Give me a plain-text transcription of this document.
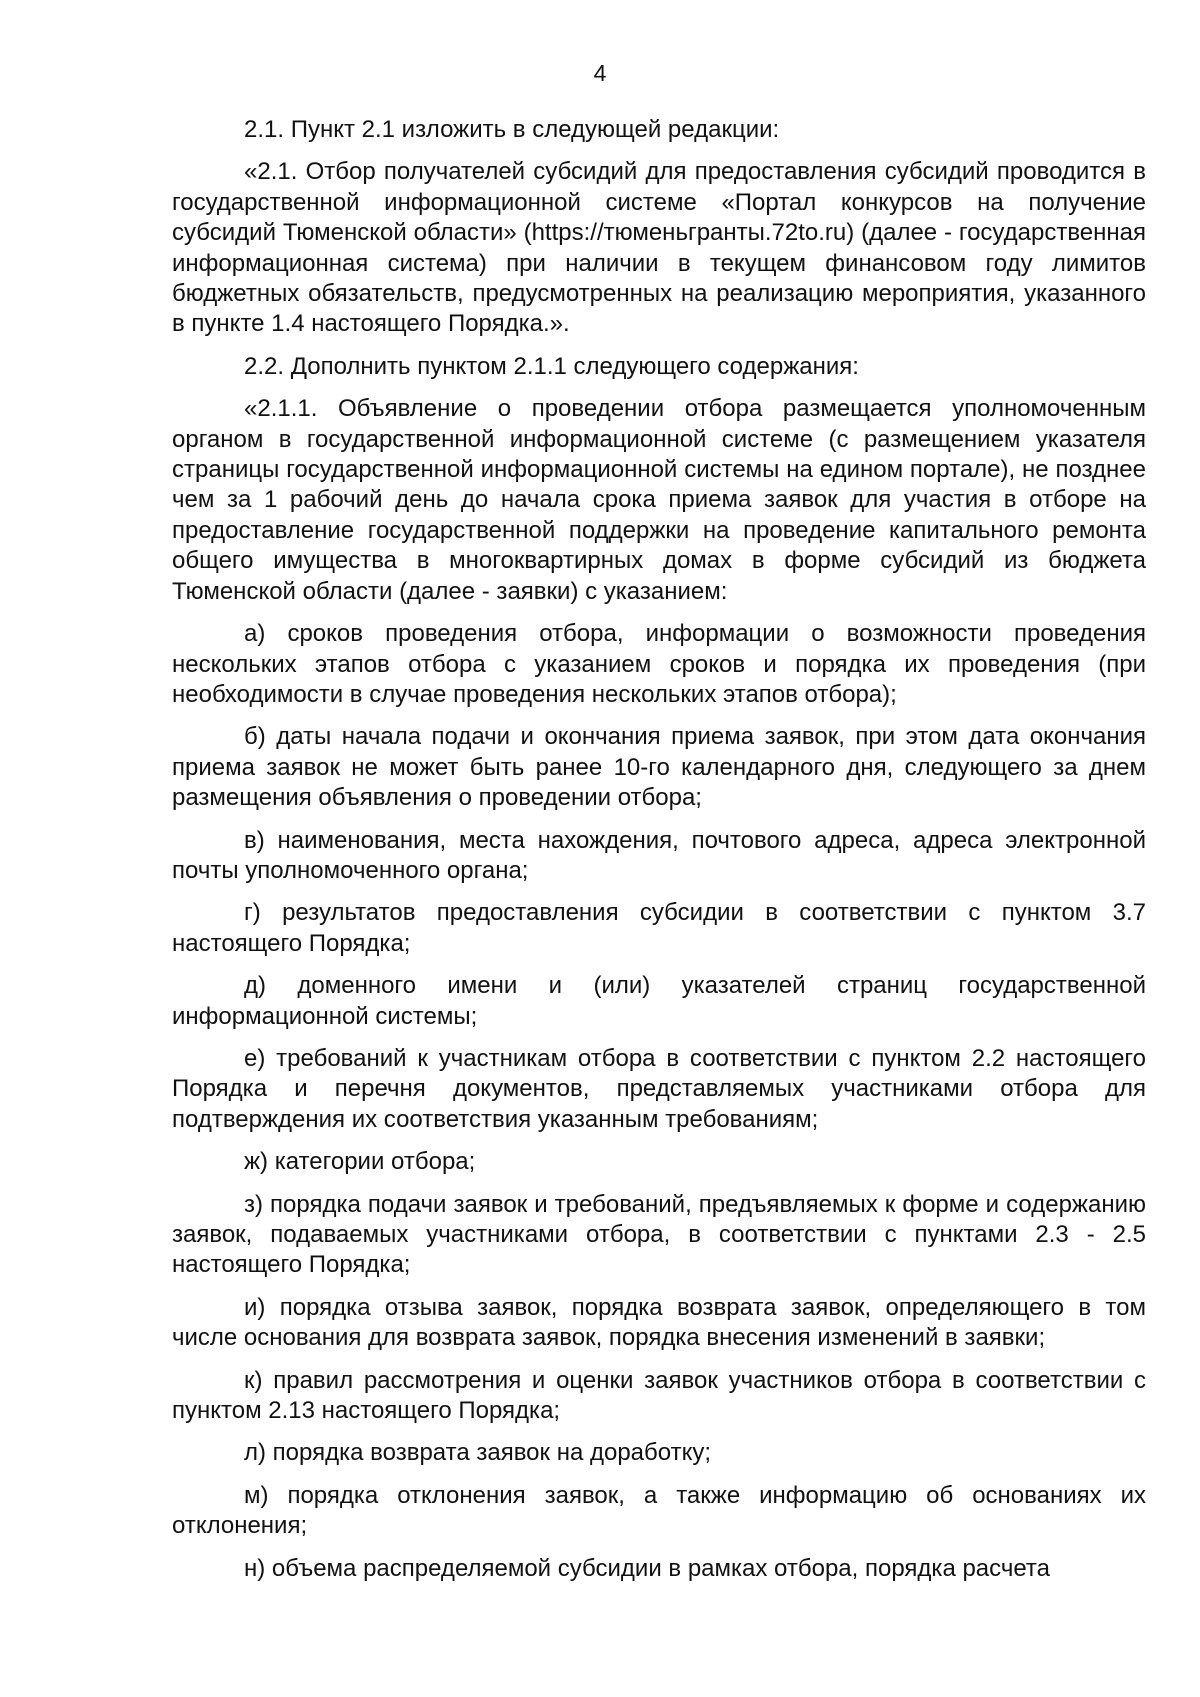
4

2.1. Пункт 2.1 изложить в следующей редакции:

«2.1. Отбор получателей субсидий для предоставления субсидий проводится в государственной информационной системе «Портал конкурсов на получение субсидий Тюменской области» (https://тюменьгранты.72to.ru) (далее - государственная информационная система) при наличии в текущем финансовом году лимитов бюджетных обязательств, предусмотренных на реализацию мероприятия, указанного в пункте 1.4 настоящего Порядка.».

2.2. Дополнить пунктом 2.1.1 следующего содержания:

«2.1.1. Объявление о проведении отбора размещается уполномоченным органом в государственной информационной системе (с размещением указателя страницы государственной информационной системы на едином портале), не позднее чем за 1 рабочий день до начала срока приема заявок для участия в отборе на предоставление государственной поддержки на проведение капитального ремонта общего имущества в многоквартирных домах в форме субсидий из бюджета Тюменской области (далее - заявки) с указанием:

а) сроков проведения отбора, информации о возможности проведения нескольких этапов отбора с указанием сроков и порядка их проведения (при необходимости в случае проведения нескольких этапов отбора);

б) даты начала подачи и окончания приема заявок, при этом дата окончания приема заявок не может быть ранее 10-го календарного дня, следующего за днем размещения объявления о проведении отбора;

в) наименования, места нахождения, почтового адреса, адреса электронной почты уполномоченного органа;

г) результатов предоставления субсидии в соответствии с пунктом 3.7 настоящего Порядка;

д) доменного имени и (или) указателей страниц государственной информационной системы;

е) требований к участникам отбора в соответствии с пунктом 2.2 настоящего Порядка и перечня документов, представляемых участниками отбора для подтверждения их соответствия указанным требованиям;

ж) категории отбора;

з) порядка подачи заявок и требований, предъявляемых к форме и содержанию заявок, подаваемых участниками отбора, в соответствии с пунктами 2.3 - 2.5 настоящего Порядка;

и) порядка отзыва заявок, порядка возврата заявок, определяющего в том числе основания для возврата заявок, порядка внесения изменений в заявки;

к) правил рассмотрения и оценки заявок участников отбора в соответствии с пунктом 2.13 настоящего Порядка;

л) порядка возврата заявок на доработку;

м) порядка отклонения заявок, а также информацию об основаниях их отклонения;

н) объема распределяемой субсидии в рамках отбора, порядка расчета
